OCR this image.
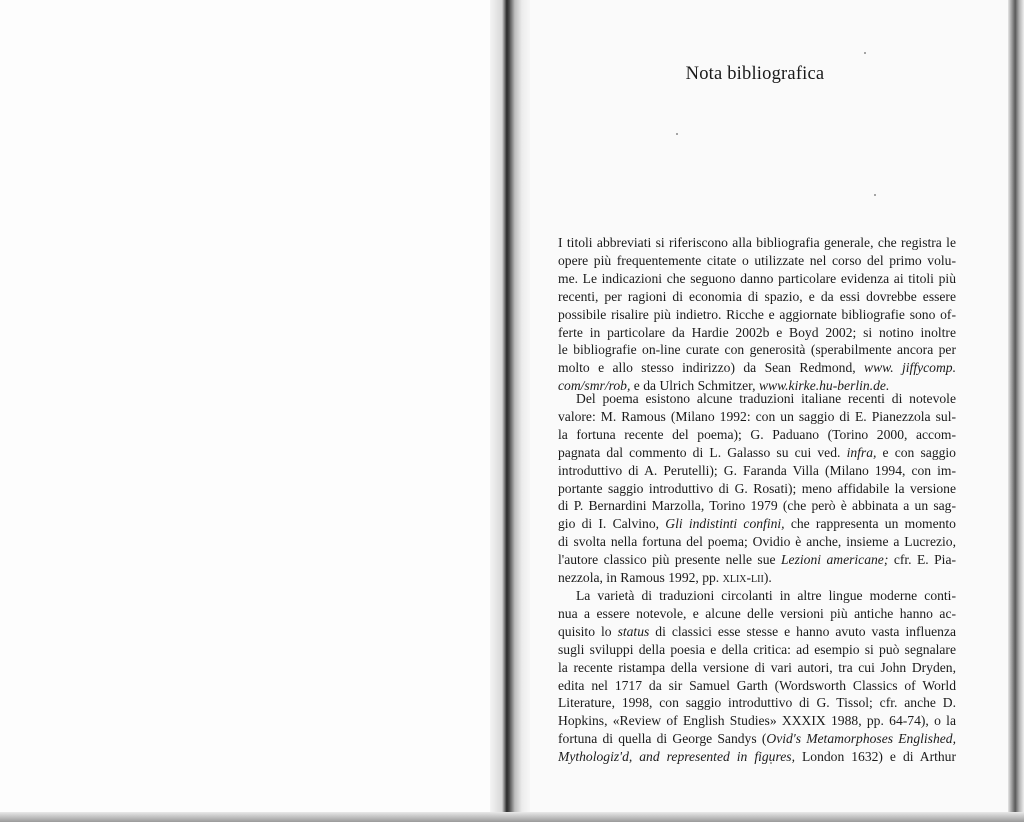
Nota bibliografica
I titoli abbreviati si riferiscono alla bibliografia generale, che registra le
opere più frequentemente citate o utilizzate nel corso del primo volu-
me. Le indicazioni che seguono danno particolare evidenza ai titoli più
recenti, per ragioni di economia di spazio, e da essi dovrebbe essere
possibile risalire più indietro. Ricche e aggiornate bibliografie sono of-
ferte in particolare da Hardie 2002b e Boyd 2002; si notino inoltre
le bibliografie on-line curate con generosità (sperabilmente ancora per
molto e allo stesso indirizzo) da Sean Redmond, www. jiffycomp.
com/smr/rob, e da Ulrich Schmitzer, www.kirke.hu-berlin.de.
Del poema esistono alcune traduzioni italiane recenti di notevole
valore: M. Ramous (Milano 1992: con un saggio di E. Pianezzola sul-
la fortuna recente del poema); G. Paduano (Torino 2000, accom-
pagnata dal commento di L. Galasso su cui ved. infra, e con saggio
introduttivo di A. Perutelli); G. Faranda Villa (Milano 1994, con im-
portante saggio introduttivo di G. Rosati); meno affidabile la versione
di P. Bernardini Marzolla, Torino 1979 (che però è abbinata a un sag-
gio di I. Calvino, Gli indistinti confini, che rappresenta un momento
di svolta nella fortuna del poema; Ovidio è anche, insieme a Lucrezio,
l'autore classico più presente nelle sue Lezioni americane; cfr. E. Pia-
nezzola, in Ramous 1992, pp. xlix-lii).
La varietà di traduzioni circolanti in altre lingue moderne conti-
nua a essere notevole, e alcune delle versioni più antiche hanno ac-
quisito lo status di classici esse stesse e hanno avuto vasta influenza
sugli sviluppi della poesia e della critica: ad esempio si può segnalare
la recente ristampa della versione di vari autori, tra cui John Dryden,
edita nel 1717 da sir Samuel Garth (Wordsworth Classics of World
Literature, 1998, con saggio introduttivo di G. Tissol; cfr. anche D.
Hopkins, «Review of English Studies» XXXIX 1988, pp. 64-74), o la
fortuna di quella di George Sandys (Ovid's Metamorphoses Englished,
Mythologiz'd, and represented in figures, London 1632) e di Arthur
